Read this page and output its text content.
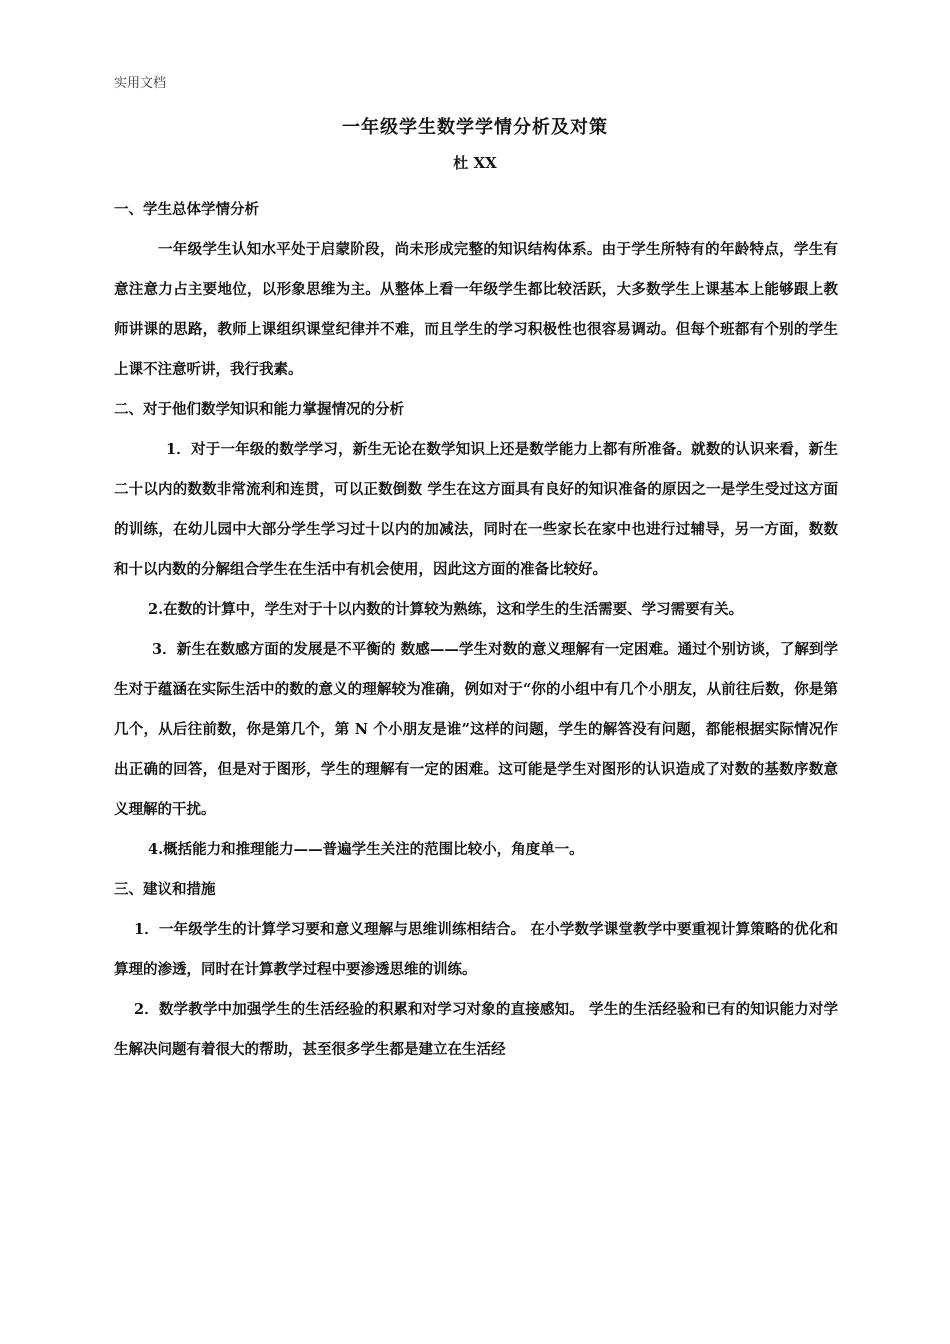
实用文档
一年级学生数学学情分析及对策
杜 XX

一、学生总体学情分析

一年级学生认知水平处于启蒙阶段，尚未形成完整的知识结构体系。由于学生所特有的年龄特点，学生有意注意力占主要地位，以形象思维为主。从整体上看一年级学生都比较活跃，大多数学生上课基本上能够跟上教师讲课的思路，教师上课组织课堂纪律并不难，而且学生的学习积极性也很容易调动。但每个班都有个别的学生上课不注意听讲，我行我素。

二、对于他们数学知识和能力掌握情况的分析

1．对于一年级的数学学习，新生无论在数学知识上还是数学能力上都有所准备。就数的认识来看，新生二十以内的数数非常流利和连贯，可以正数倒数 学生在这方面具有良好的知识准备的原因之一是学生受过这方面的训练，在幼儿园中大部分学生学习过十以内的加减法，同时在一些家长在家中也进行过辅导，另一方面，数数和十以内数的分解组合学生在生活中有机会使用，因此这方面的准备比较好。

2.在数的计算中，学生对于十以内数的计算较为熟练，这和学生的生活需要、学习需要有关。

3．新生在数感方面的发展是不平衡的 数感——学生对数的意义理解有一定困难。通过个别访谈，了解到学生对于蕴涵在实际生活中的数的意义的理解较为准确，例如对于“你的小组中有几个小朋友，从前往后数，你是第几个，从后往前数，你是第几个，第 N 个小朋友是谁”这样的问题，学生的解答没有问题，都能根据实际情况作出正确的回答，但是对于图形，学生的理解有一定的困难。这可能是学生对图形的认识造成了对数的基数序数意义理解的干扰。

4.概括能力和推理能力——普遍学生关注的范围比较小，角度单一。

三、建议和措施

1．一年级学生的计算学习要和意义理解与思维训练相结合。 在小学数学课堂教学中要重视计算策略的优化和算理的渗透，同时在计算教学过程中要渗透思维的训练。

2．数学教学中加强学生的生活经验的积累和对学习对象的直接感知。 学生的生活经验和已有的知识能力对学生解决问题有着很大的帮助，甚至很多学生都是建立在生活经
